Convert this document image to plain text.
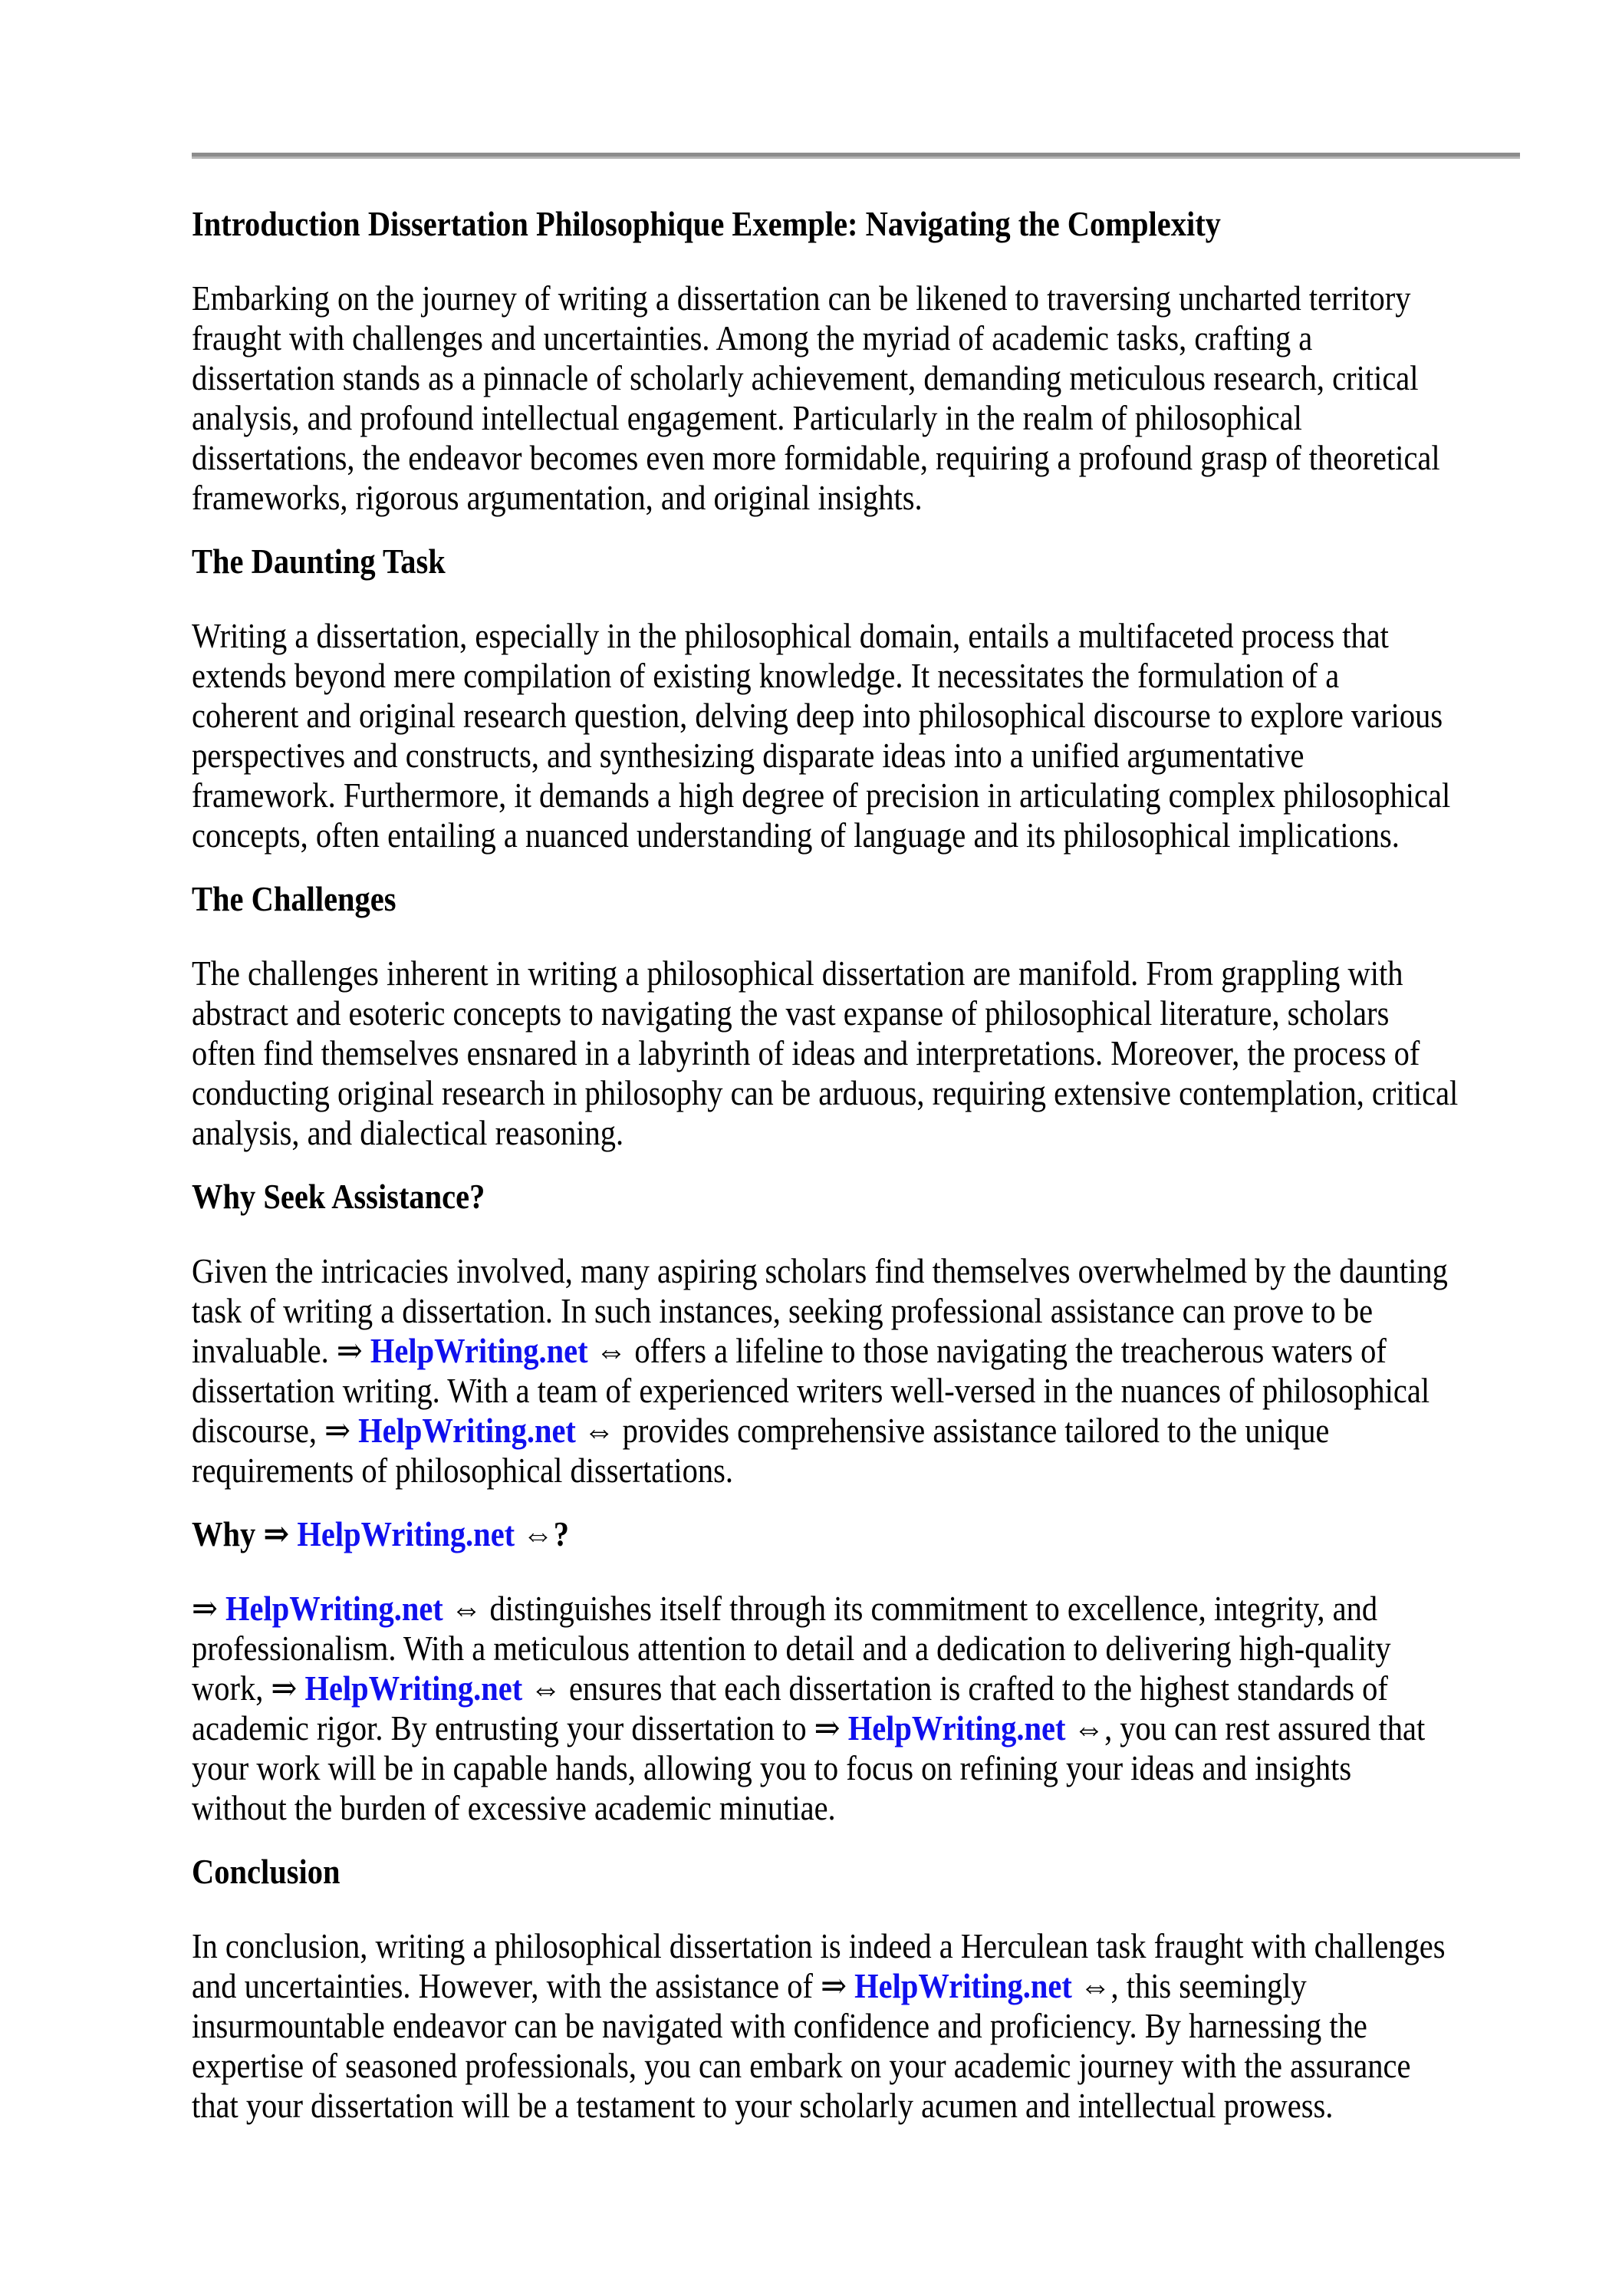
Introduction Dissertation Philosophique Exemple: Navigating the Complexity
Embarking on the journey of writing a dissertation can be likened to traversing uncharted territory
fraught with challenges and uncertainties. Among the myriad of academic tasks, crafting a
dissertation stands as a pinnacle of scholarly achievement, demanding meticulous research, critical
analysis, and profound intellectual engagement. Particularly in the realm of philosophical
dissertations, the endeavor becomes even more formidable, requiring a profound grasp of theoretical
frameworks, rigorous argumentation, and original insights.
The Daunting Task
Writing a dissertation, especially in the philosophical domain, entails a multifaceted process that
extends beyond mere compilation of existing knowledge. It necessitates the formulation of a
coherent and original research question, delving deep into philosophical discourse to explore various
perspectives and constructs, and synthesizing disparate ideas into a unified argumentative
framework. Furthermore, it demands a high degree of precision in articulating complex philosophical
concepts, often entailing a nuanced understanding of language and its philosophical implications.
The Challenges
The challenges inherent in writing a philosophical dissertation are manifold. From grappling with
abstract and esoteric concepts to navigating the vast expanse of philosophical literature, scholars
often find themselves ensnared in a labyrinth of ideas and interpretations. Moreover, the process of
conducting original research in philosophy can be arduous, requiring extensive contemplation, critical
analysis, and dialectical reasoning.
Why Seek Assistance?
Given the intricacies involved, many aspiring scholars find themselves overwhelmed by the daunting
task of writing a dissertation. In such instances, seeking professional assistance can prove to be
invaluable. ⇒ HelpWriting.net ⇔ offers a lifeline to those navigating the treacherous waters of
dissertation writing. With a team of experienced writers well-versed in the nuances of philosophical
discourse, ⇒ HelpWriting.net ⇔ provides comprehensive assistance tailored to the unique
requirements of philosophical dissertations.
Why ⇒ HelpWriting.net ⇔?
⇒ HelpWriting.net ⇔ distinguishes itself through its commitment to excellence, integrity, and
professionalism. With a meticulous attention to detail and a dedication to delivering high-quality
work, ⇒ HelpWriting.net ⇔ ensures that each dissertation is crafted to the highest standards of
academic rigor. By entrusting your dissertation to ⇒ HelpWriting.net ⇔, you can rest assured that
your work will be in capable hands, allowing you to focus on refining your ideas and insights
without the burden of excessive academic minutiae.
Conclusion
In conclusion, writing a philosophical dissertation is indeed a Herculean task fraught with challenges
and uncertainties. However, with the assistance of ⇒ HelpWriting.net ⇔, this seemingly
insurmountable endeavor can be navigated with confidence and proficiency. By harnessing the
expertise of seasoned professionals, you can embark on your academic journey with the assurance
that your dissertation will be a testament to your scholarly acumen and intellectual prowess.
